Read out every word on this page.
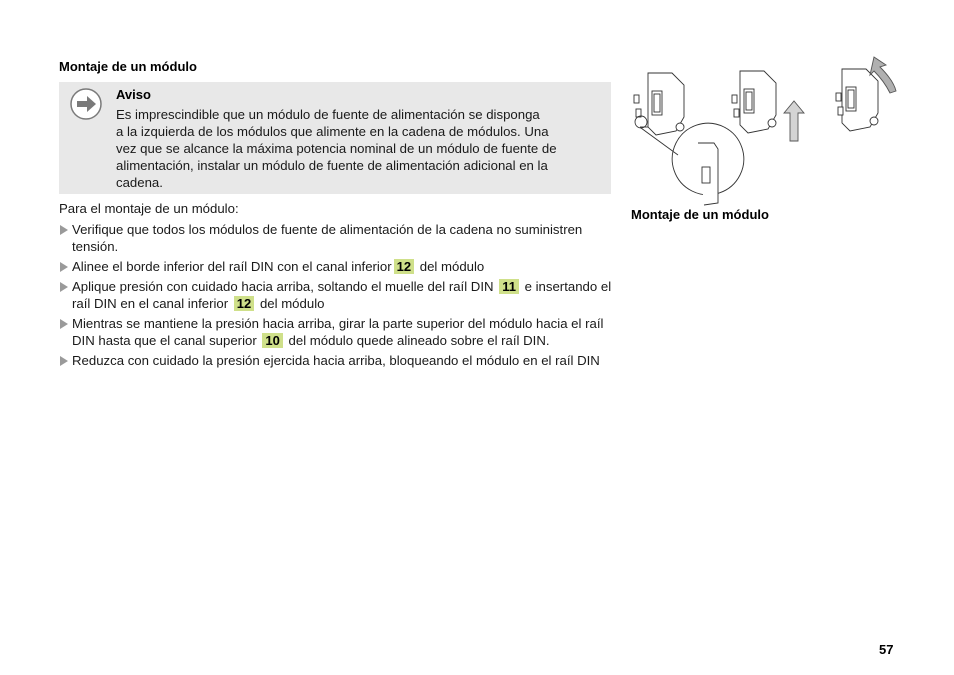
Montaje de un módulo
Aviso
Es imprescindible que un módulo de fuente de alimentación se disponga
a la izquierda de los módulos que alimente en la cadena de módulos. Una
vez que se alcance la máxima potencia nominal de un módulo de fuente de
alimentación, instalar un módulo de fuente de alimentación adicional en la
cadena.
Para el montaje de un módulo:
Verifique que todos los módulos de fuente de alimentación de la cadena no suministren tensión.
Alinee el borde inferior del raíl DIN con el canal inferior 12 del módulo
Aplique presión con cuidado hacia arriba, soltando el muelle del raíl DIN 11 e insertando el raíl DIN en el canal inferior 12 del módulo
Mientras se mantiene la presión hacia arriba, girar la parte superior del módulo hacia el raíl DIN hasta que el canal superior 10 del módulo quede alineado sobre el raíl DIN.
Reduzca con cuidado la presión ejercida hacia arriba, bloqueando el módulo en el raíl DIN
Montaje de un módulo
57
